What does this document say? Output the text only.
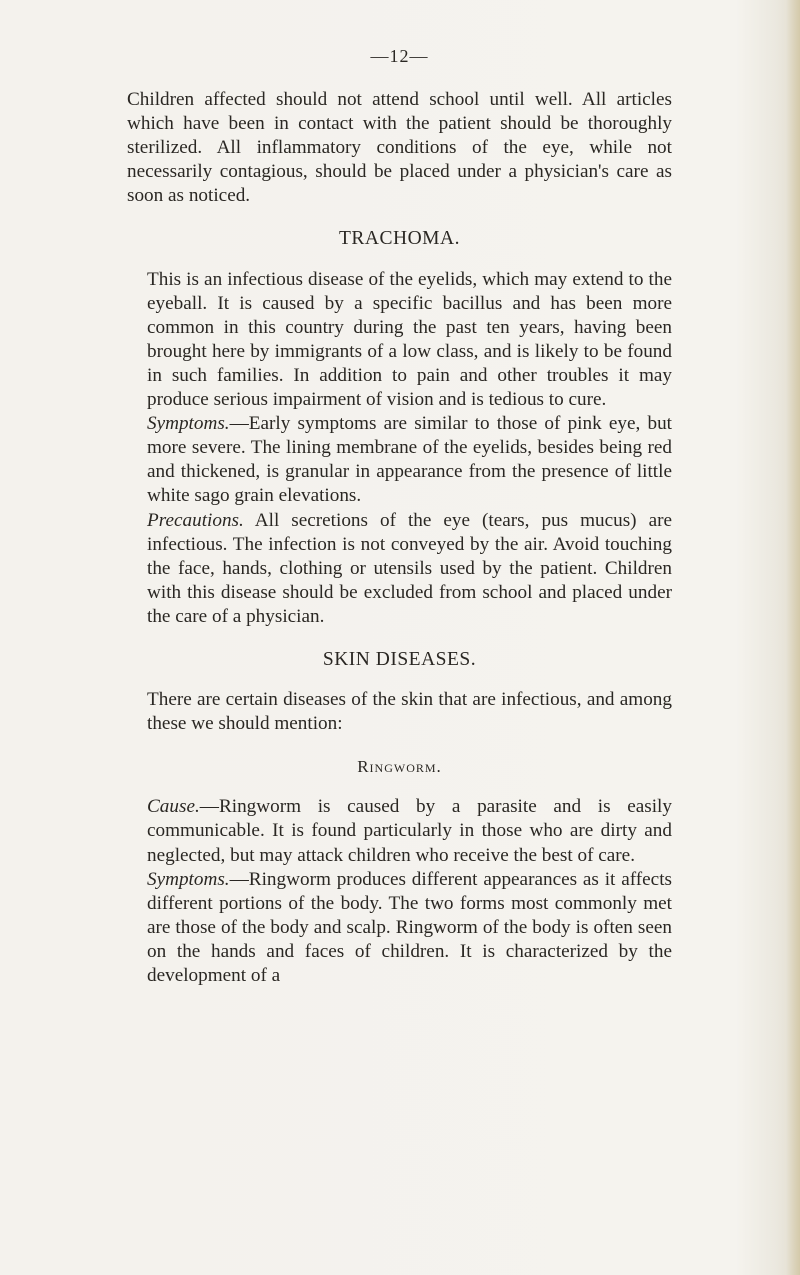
—12—

Children affected should not attend school until well. All articles which have been in contact with the patient should be thoroughly sterilized. All inflammatory conditions of the eye, while not necessarily contagious, should be placed under a physician's care as soon as noticed.

TRACHOMA.

This is an infectious disease of the eyelids, which may extend to the eyeball. It is caused by a specific bacillus and has been more common in this country during the past ten years, having been brought here by immigrants of a low class, and is likely to be found in such families. In addition to pain and other troubles it may produce serious impairment of vision and is tedious to cure.

Symptoms.—Early symptoms are similar to those of pink eye, but more severe. The lining membrane of the eyelids, besides being red and thickened, is granular in appearance from the presence of little white sago grain elevations.

Precautions. All secretions of the eye (tears, pus mucus) are infectious. The infection is not conveyed by the air. Avoid touching the face, hands, clothing or utensils used by the patient. Children with this disease should be excluded from school and placed under the care of a physician.

SKIN DISEASES.

There are certain diseases of the skin that are infectious, and among these we should mention:

Ringworm.

Cause.—Ringworm is caused by a parasite and is easily communicable. It is found particularly in those who are dirty and neglected, but may attack children who receive the best of care.

Symptoms.—Ringworm produces different appearances as it affects different portions of the body. The two forms most commonly met are those of the body and scalp. Ringworm of the body is often seen on the hands and faces of children. It is characterized by the development of a
